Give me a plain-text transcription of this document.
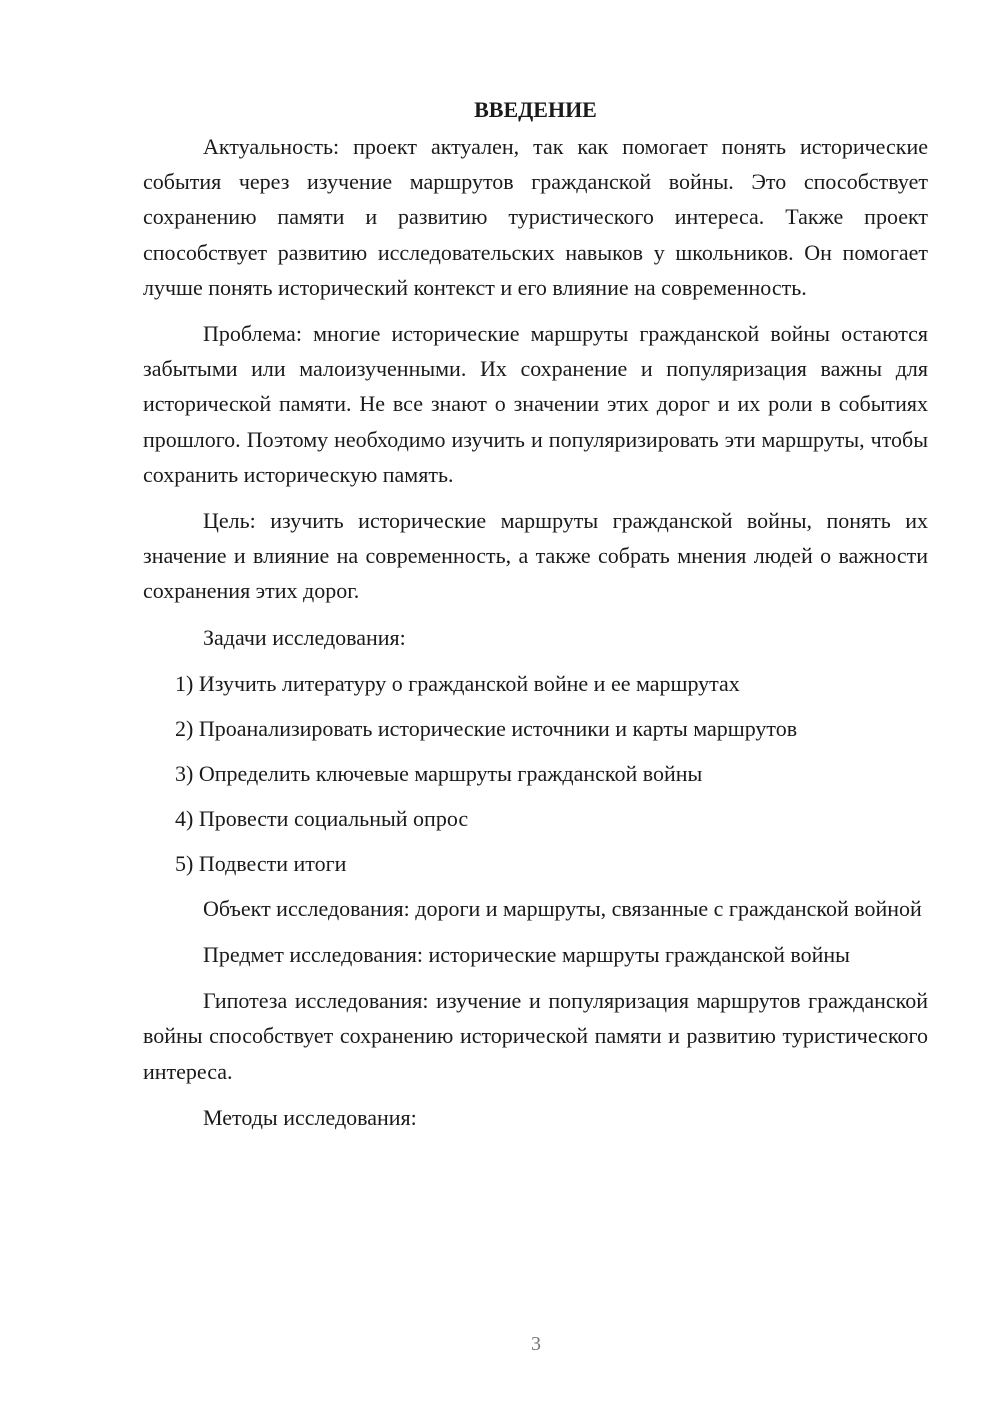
ВВЕДЕНИЕ

Актуальность: проект актуален, так как помогает понять исторические события через изучение маршрутов гражданской войны. Это способствует сохранению памяти и развитию туристического интереса. Также проект способствует развитию исследовательских навыков у школьников. Он помогает лучше понять исторический контекст и его влияние на современность.

Проблема: многие исторические маршруты гражданской войны остаются забытыми или малоизученными. Их сохранение и популяризация важны для исторической памяти. Не все знают о значении этих дорог и их роли в событиях прошлого. Поэтому необходимо изучить и популяризировать эти маршруты, чтобы сохранить историческую память.

Цель: изучить исторические маршруты гражданской войны, понять их значение и влияние на современность, а также собрать мнения людей о важности сохранения этих дорог.

Задачи исследования:

1) Изучить литературу о гражданской войне и ее маршрутах
2) Проанализировать исторические источники и карты маршрутов
3) Определить ключевые маршруты гражданской войны
4) Провести социальный опрос
5) Подвести итоги

Объект исследования: дороги и маршруты, связанные с гражданской войной

Предмет исследования: исторические маршруты гражданской войны

Гипотеза исследования: изучение и популяризация маршрутов гражданской войны способствует сохранению исторической памяти и развитию туристического интереса.

Методы исследования:

3
